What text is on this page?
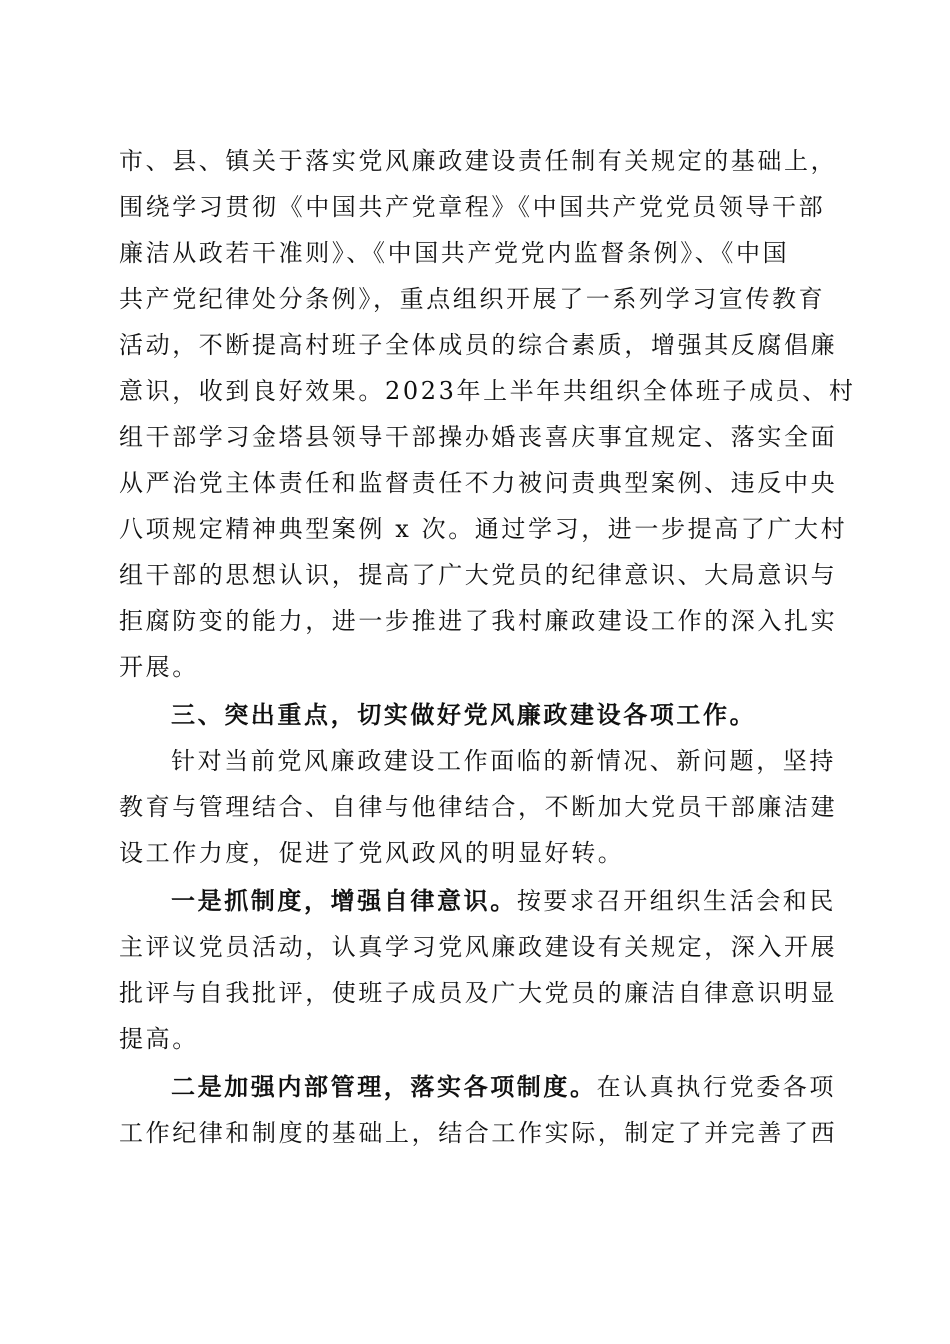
市、县、镇关于落实党风廉政建设责任制有关规定的基础上，
围绕学习贯彻《中国共产党章程》《中国共产党党员领导干部
廉洁从政若干准则》、《中国共产党党内监督条例》、《中国
共产党纪律处分条例》，重点组织开展了一系列学习宣传教育
活动，不断提高村班子全体成员的综合素质，增强其反腐倡廉
意识，收到良好效果。2023年上半年共组织全体班子成员、村
组干部学习金塔县领导干部操办婚丧喜庆事宜规定、落实全面
从严治党主体责任和监督责任不力被问责典型案例、违反中央
八项规定精神典型案例 x 次。通过学习，进一步提高了广大村
组干部的思想认识，提高了广大党员的纪律意识、大局意识与
拒腐防变的能力，进一步推进了我村廉政建设工作的深入扎实
开展。
三、突出重点，切实做好党风廉政建设各项工作。
针对当前党风廉政建设工作面临的新情况、新问题，坚持
教育与管理结合、自律与他律结合，不断加大党员干部廉洁建
设工作力度，促进了党风政风的明显好转。
一是抓制度，增强自律意识。按要求召开组织生活会和民
主评议党员活动，认真学习党风廉政建设有关规定，深入开展
批评与自我批评，使班子成员及广大党员的廉洁自律意识明显
提高。
二是加强内部管理，落实各项制度。在认真执行党委各项
工作纪律和制度的基础上，结合工作实际，制定了并完善了西
